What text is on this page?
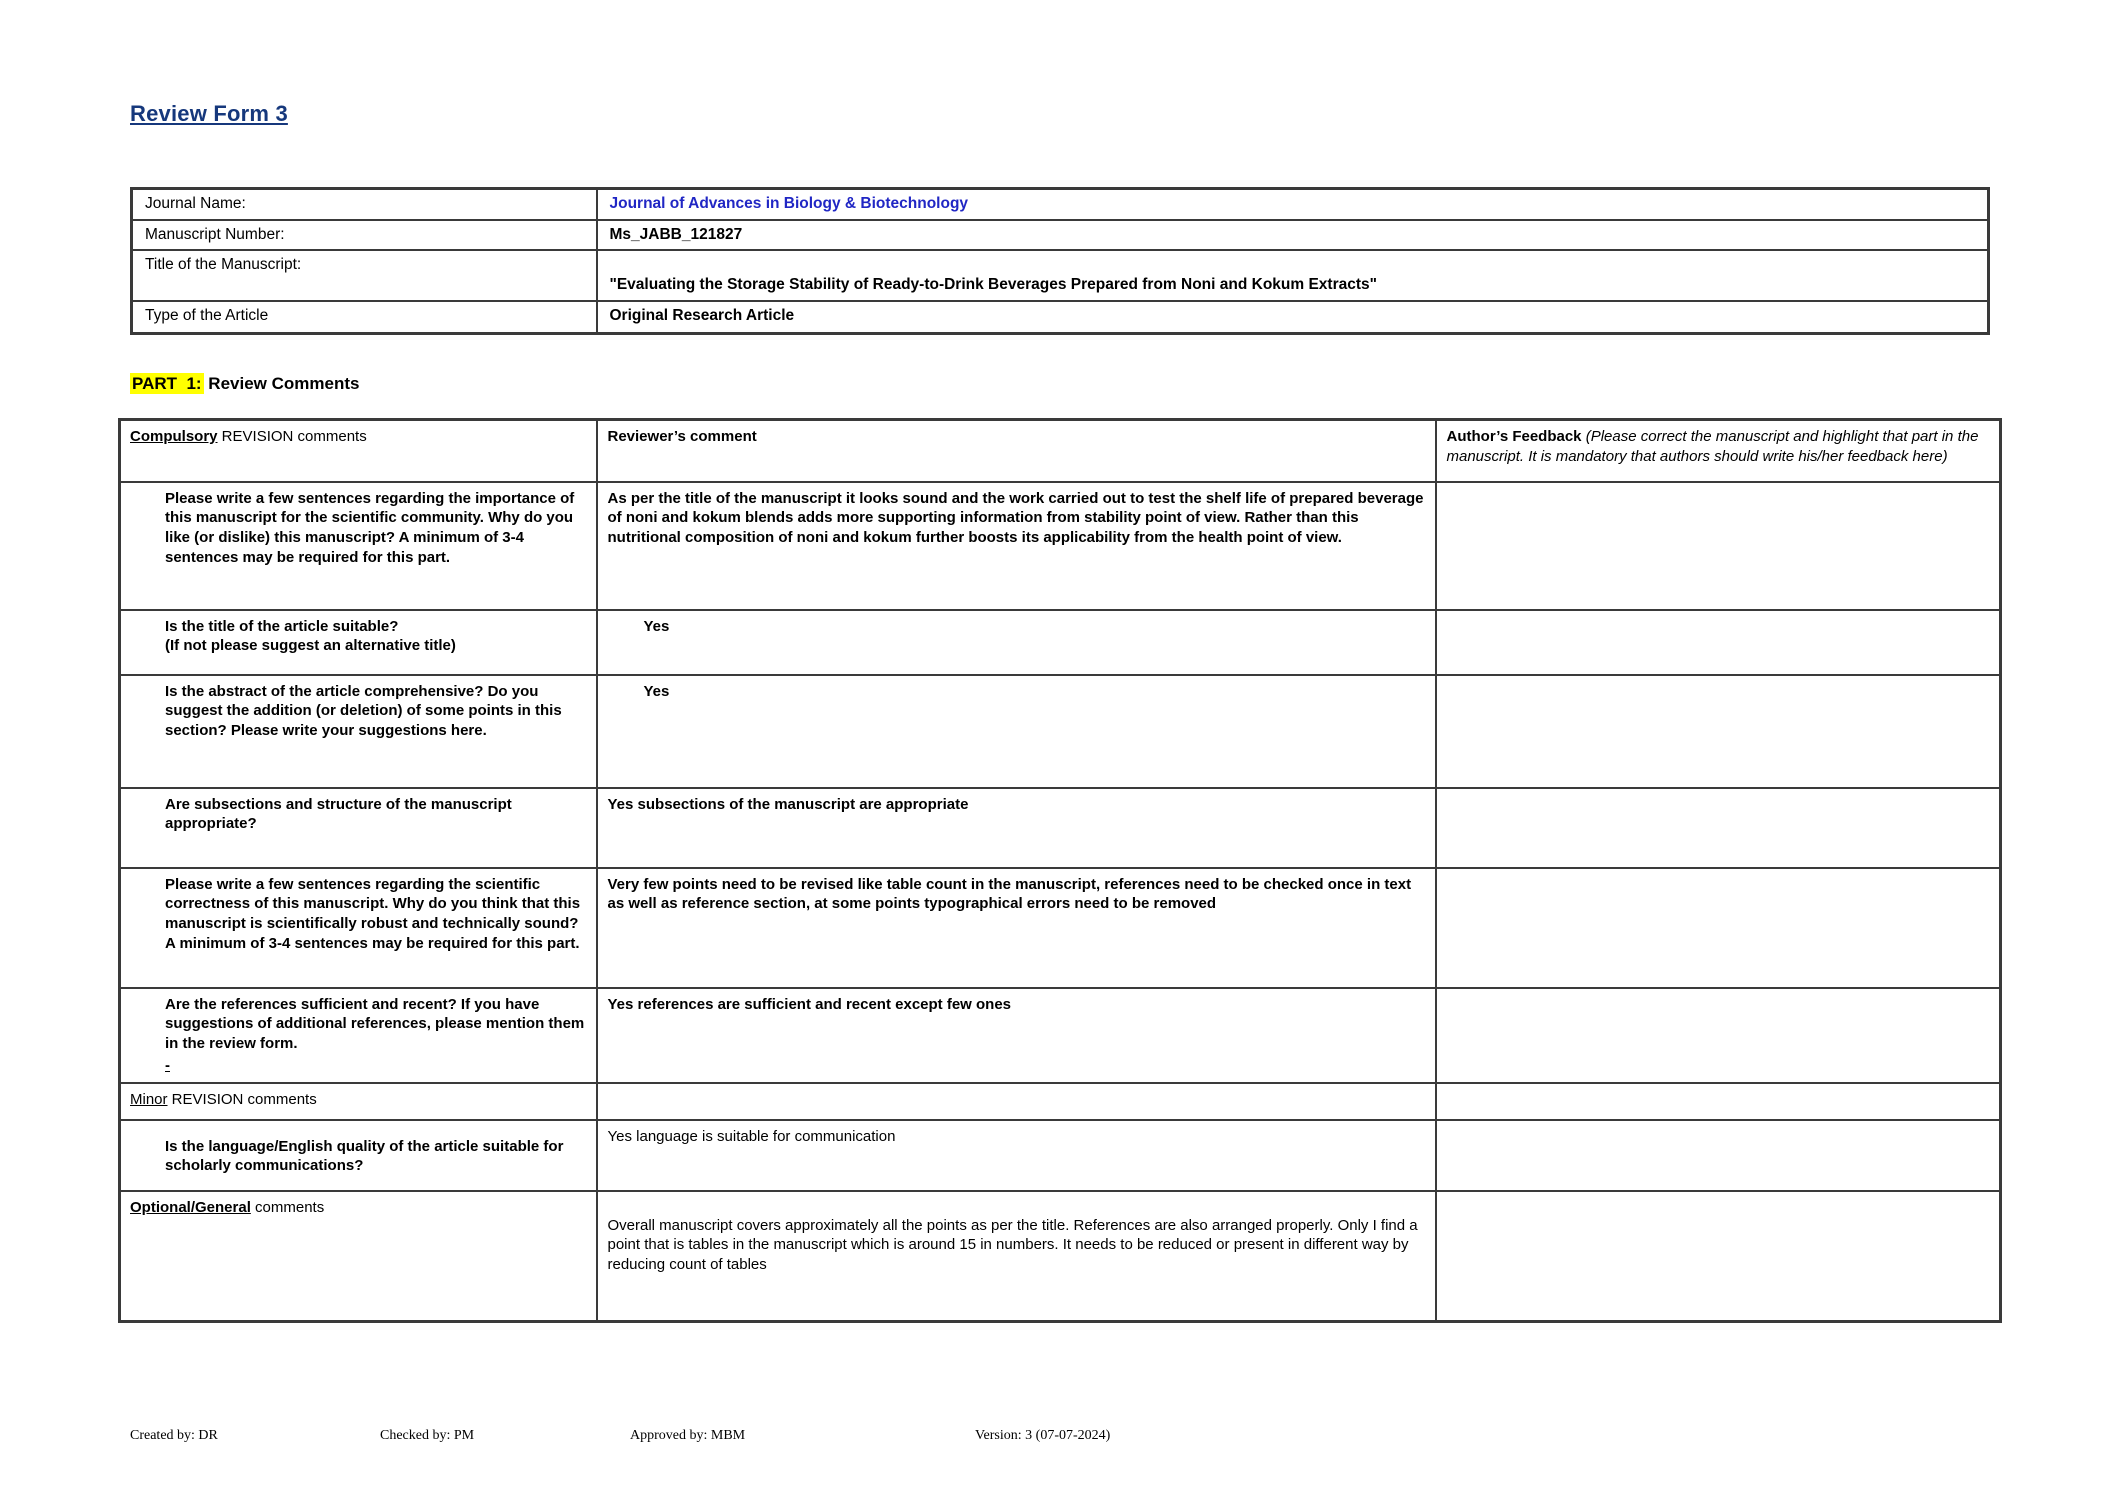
Review Form 3
Journal Name:	Journal of Advances in Biology & Biotechnology
Manuscript Number:	Ms_JABB_121827
Title of the Manuscript:	"Evaluating the Storage Stability of Ready-to-Drink Beverages Prepared from Noni and Kokum Extracts"

Type of the Article	Original Research Article
PART  1: Review Comments
Compulsory REVISION comments	Reviewer’s comment	Author’s Feedback (Please correct the manuscript and highlight that part in the manuscript. It is mandatory that authors should write his/her feedback here)
Please write a few sentences regarding the importance of this manuscript for the scientific community. Why do you like (or dislike) this manuscript? A minimum of 3-4 sentences may be required for this part.	As per the title of the manuscript it looks sound and the work carried out to test the shelf life of prepared beverage of noni and kokum blends adds more supporting information from stability point of view. Rather than this nutritional composition of noni and kokum further boosts its applicability from the health point of view.	

Is the title of the article suitable?
(If not please suggest an alternative title)	Yes	
Is the abstract of the article comprehensive? Do you suggest the addition (or deletion) of some points in this section? Please write your suggestions here.	Yes	
Are subsections and structure of the manuscript appropriate?	Yes subsections of the manuscript are appropriate	
Please write a few sentences regarding the scientific correctness of this manuscript. Why do you think that this manuscript is scientifically robust and technically sound? A minimum of 3-4 sentences may be required for this part.	Very few points need to be revised like table count in the manuscript, references need to be checked once in text as well as reference section, at some points typographical errors need to be removed	

Are the references sufficient and recent? If you have suggestions of additional references, please mention them in the review form.
-	Yes references are sufficient and recent except few ones	
Minor REVISION comments		
Is the language/English quality of the article suitable for scholarly communications?	Yes language is suitable for communication	
Optional/General comments	Overall manuscript covers approximately all the points as per the title. References are also arranged properly. Only I find a point that is tables in the manuscript which is around 15 in numbers. It needs to be reduced or present in different way by reducing count of tables	
Created by: DR	Checked by: PM	Approved by: MBM	Version: 3 (07-07-2024)
